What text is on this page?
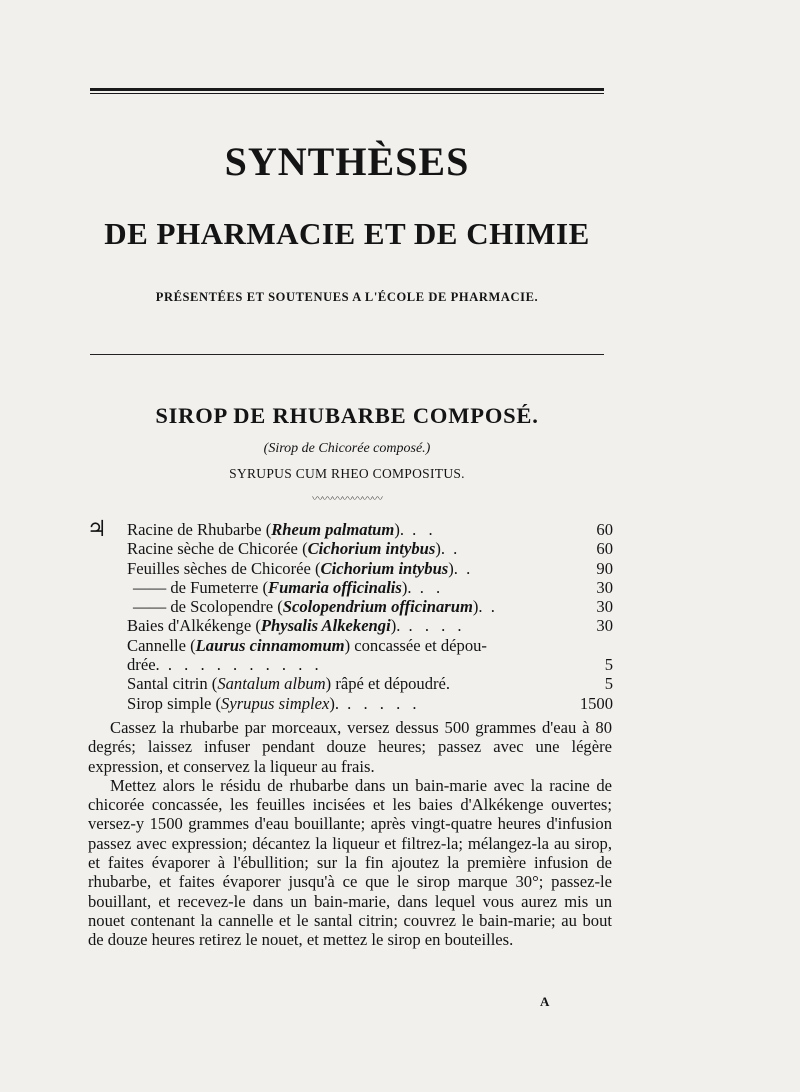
SYNTHÈSES
DE PHARMACIE ET DE CHIMIE
PRÉSENTÉES ET SOUTENUES A L'ÉCOLE DE PHARMACIE.
SIROP DE RHUBARBE COMPOSÉ.
(Sirop de Chicorée composé.)
SYRUPUS CUM RHEO COMPOSITUS.
〰〰〰〰〰〰〰
♃ Racine de Rhubarbe (Rheum palmatum). . .	60
Racine sèche de Chicorée (Cichorium intybus). .	60
Feuilles sèches de Chicorée (Cichorium intybus). .	90
—— de Fumeterre (Fumaria officinalis). . .	30
—— de Scolopendre (Scolopendrium officinarum). .	30
Baies d'Alkékenge (Physalis Alkekengi). . . . .	30
Cannelle (Laurus cinnamomum) concassée et dépou-
drée. . . . . . . . . . .	5
Santal citrin (Santalum album) râpé et dépoudré.	5
Sirop simple (Syrupus simplex). . . . . .	1500

Cassez la rhubarbe par morceaux, versez dessus 500 grammes d'eau à 80 degrés; laissez infuser pendant douze heures; passez avec une légère expression, et conservez la liqueur au frais.

Mettez alors le résidu de rhubarbe dans un bain-marie avec la racine de chicorée concassée, les feuilles incisées et les baies d'Alkékenge ouvertes; versez-y 1500 grammes d'eau bouillante; après vingt-quatre heures d'infusion passez avec expression; décantez la liqueur et filtrez-la; mélangez-la au sirop, et faites évaporer à l'ébullition; sur la fin ajoutez la première infusion de rhubarbe, et faites évaporer jusqu'à ce que le sirop marque 30°; passez-le bouillant, et recevez-le dans un bain-marie, dans lequel vous aurez mis un nouet contenant la cannelle et le santal citrin; couvrez le bain-marie; au bout de douze heures retirez le nouet, et mettez le sirop en bouteilles.

A
